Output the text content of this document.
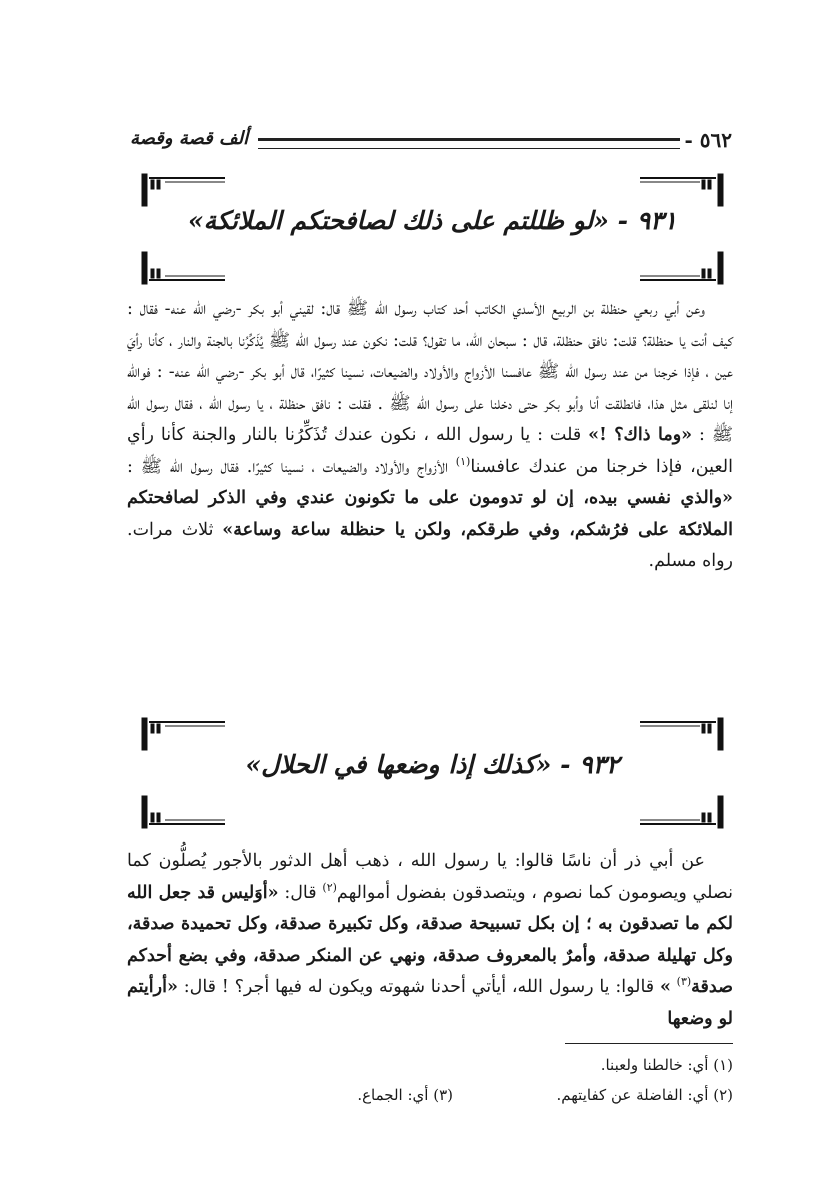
٥٦٢ -
ألف قصة وقصة
٩٣١ - «لو ظللتم على ذلك لصافحتكم الملائكة»
وعن أبي ربعي حنظلة بن الربيع الأسدي الكاتب أحد كتاب رسول الله ﷺ قال: لقيني أبو بكر -رضي الله عنه- فقال : كيف أنت يا حنظلة؟ قلت: نافق حنظلة، قال : سبحان الله، ما تقول؟ قلت: نكون عند رسول الله ﷺ يُذَكِّرُنا بالجنة والنار ، كأنا رأيَ عين ، فإذا خرجنا من عند رسول الله ﷺ عافسنا الأزواج والأولاد والضيعات، نسينا كثيرًا، قال أبو بكر -رضي الله عنه- : فوالله إنا لنلقى مثل هذا، فانطلقت أنا وأبو بكر حتى دخلنا على رسول الله ﷺ . فقلت : نافق حنظلة ، يا رسول الله ، فقال رسول الله ﷺ : «وما ذاك؟ !» قلت : يا رسول الله ، نكون عندك تُذَكِّرُنا بالنار والجنة كأنا رأي العين، فإذا خرجنا من عندك عافسنا$^{(١)}$ الأزواج والأولاد والضيعات ، نسينا كثيرًا. فقال رسول الله ﷺ : «والذي نفسي بيده، إن لو تدومون على ما تكونون عندي وفي الذكر لصافحتكم الملائكة على فرُشكم، وفي طرقكم، ولكن يا حنظلة ساعة وساعة» ثلاث مرات. رواه مسلم.
٩٣٢ - «كذلك إذا وضعها في الحلال»
عن أبي ذر أن ناسًا قالوا: يا رسول الله ، ذهب أهل الدثور بالأجور يُصلُّون كما نصلي ويصومون كما نصوم ، ويتصدقون بفضول أموالهم$^{(٢)}$ قال: «أوَليس قد جعل الله لكم ما تصدقون به ؛ إن بكل تسبيحة صدقة، وكل تكبيرة صدقة، وكل تحميدة صدقة، وكل تهليلة صدقة، وأمرٌ بالمعروف صدقة، ونهي عن المنكر صدقة، وفي بضع أحدكم صدقة$^{(٣)}$ » قالوا: يا رسول الله، أيأتي أحدنا شهوته ويكون له فيها أجر؟ ! قال: «أرأيتم لو وضعها
(١) أي: خالطنا ولعبنا.
(٢) أي: الفاضلة عن كفايتهم.
(٣) أي: الجماع.
